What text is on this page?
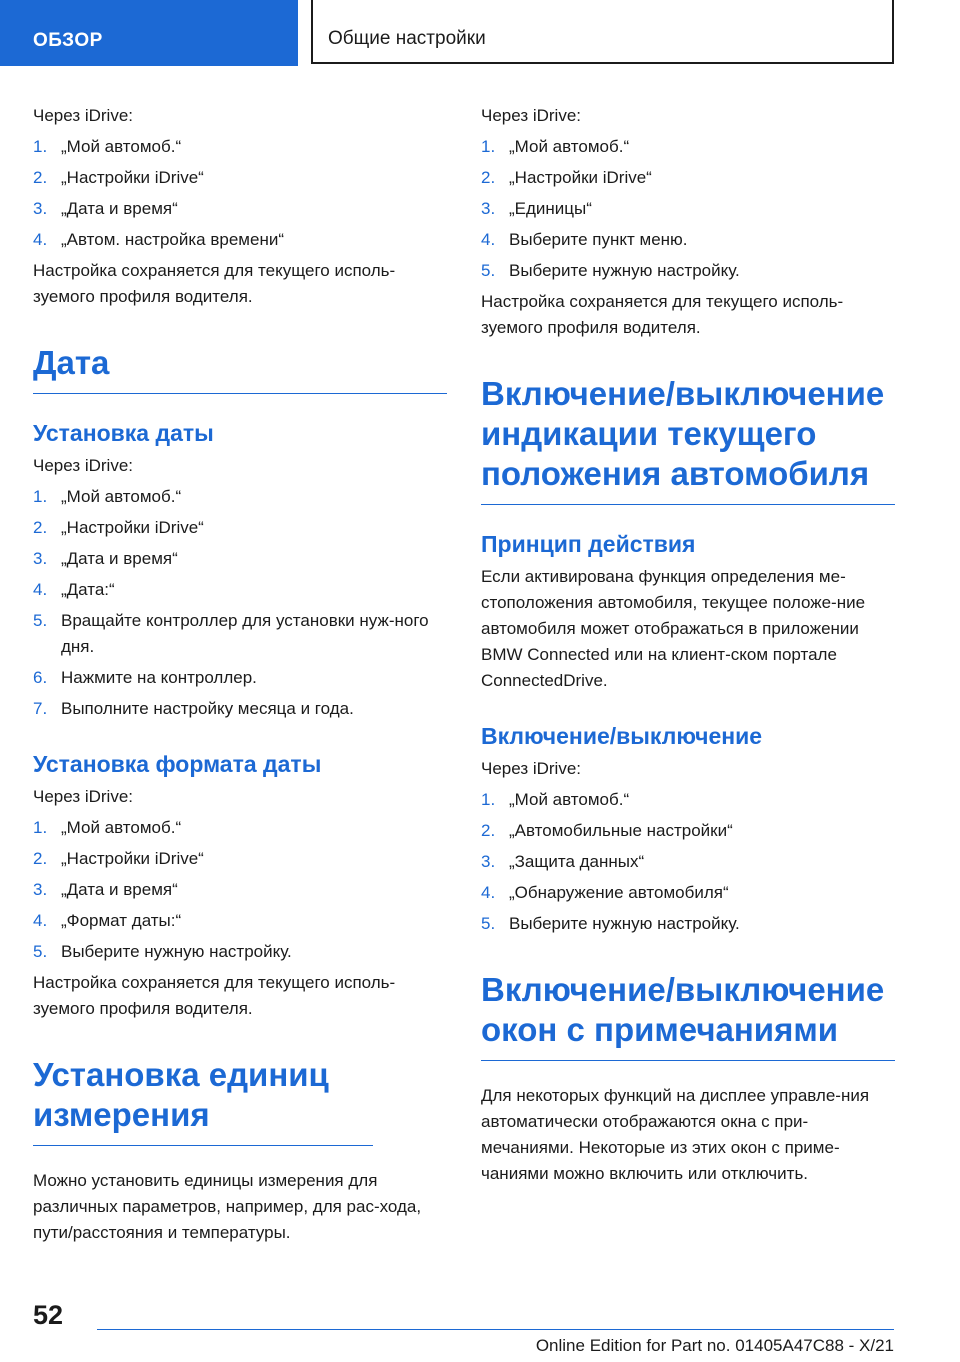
ОБЗОР	Общие настройки

Через iDrive:

1. „Мой автомоб.“
2. „Настройки iDrive“
3. „Дата и время“
4. „Автом. настройка времени“

Настройка сохраняется для текущего исполь-зуемого профиля водителя.

Дата
Установка даты

Через iDrive:

1. „Мой автомоб.“
2. „Настройки iDrive“
3. „Дата и время“
4. „Дата:“
5. Вращайте контроллер для установки нуж-ного дня.
6. Нажмите на контроллер.
7. Выполните настройку месяца и года.
Установка формата даты

Через iDrive:

1. „Мой автомоб.“
2. „Настройки iDrive“
3. „Дата и время“
4. „Формат даты:“
5. Выберите нужную настройку.

Настройка сохраняется для текущего исполь-зуемого профиля водителя.

Установка единиц измерения

Можно установить единицы измерения для различных параметров, например, для рас-хода, пути/расстояния и температуры.

Через iDrive:

1. „Мой автомоб.“
2. „Настройки iDrive“
3. „Единицы“
4. Выберите пункт меню.
5. Выберите нужную настройку.

Настройка сохраняется для текущего исполь-зуемого профиля водителя.

Включение/выключение индикации текущего положения автомобиля
Принцип действия

Если активирована функция определения ме-стоположения автомобиля, текущее положе-ние автомобиля может отображаться в приложении BMW Connected или на клиент-ском портале ConnectedDrive.

Включение/выключение

Через iDrive:

1. „Мой автомоб.“
2. „Автомобильные настройки“
3. „Защита данных“
4. „Обнаружение автомобиля“
5. Выберите нужную настройку.
Включение/выключение окон с примечаниями

Для некоторых функций на дисплее управле-ния автоматически отображаются окна с при-мечаниями. Некоторые из этих окон с приме-чаниями можно включить или отключить.

52
Online Edition for Part no. 01405A47C88 - X/21
